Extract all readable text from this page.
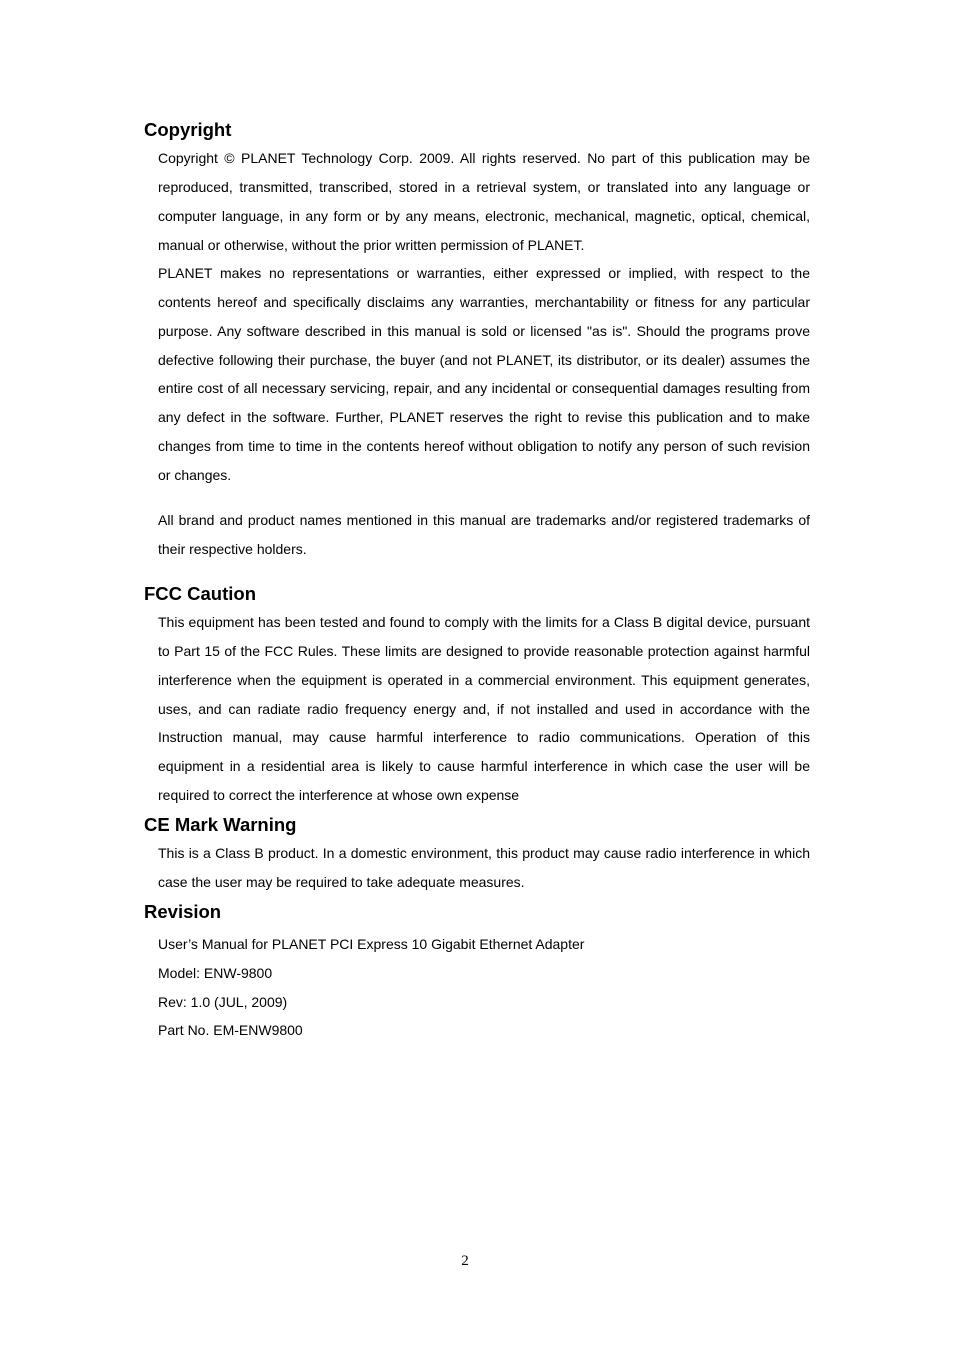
Copyright

Copyright © PLANET Technology Corp. 2009. All rights reserved. No part of this publication may be reproduced, transmitted, transcribed, stored in a retrieval system, or translated into any language or computer language, in any form or by any means, electronic, mechanical, magnetic, optical, chemical, manual or otherwise, without the prior written permission of PLANET.

PLANET makes no representations or warranties, either expressed or implied, with respect to the contents hereof and specifically disclaims any warranties, merchantability or fitness for any particular purpose. Any software described in this manual is sold or licensed "as is". Should the programs prove defective following their purchase, the buyer (and not PLANET, its distributor, or its dealer) assumes the entire cost of all necessary servicing, repair, and any incidental or consequential damages resulting from any defect in the software. Further, PLANET reserves the right to revise this publication and to make changes from time to time in the contents hereof without obligation to notify any person of such revision or changes.

All brand and product names mentioned in this manual are trademarks and/or registered trademarks of their respective holders.

FCC Caution

This equipment has been tested and found to comply with the limits for a Class B digital device, pursuant to Part 15 of the FCC Rules. These limits are designed to provide reasonable protection against harmful interference when the equipment is operated in a commercial environment. This equipment generates, uses, and can radiate radio frequency energy and, if not installed and used in accordance with the Instruction manual, may cause harmful interference to radio communications. Operation of this equipment in a residential area is likely to cause harmful interference in which case the user will be required to correct the interference at whose own expense

CE Mark Warning

This is a Class B product. In a domestic environment, this product may cause radio interference in which case the user may be required to take adequate measures.

Revision

User’s Manual for PLANET PCI Express 10 Gigabit Ethernet Adapter

Model: ENW-9800

Rev: 1.0 (JUL, 2009)

Part No. EM-ENW9800

2
